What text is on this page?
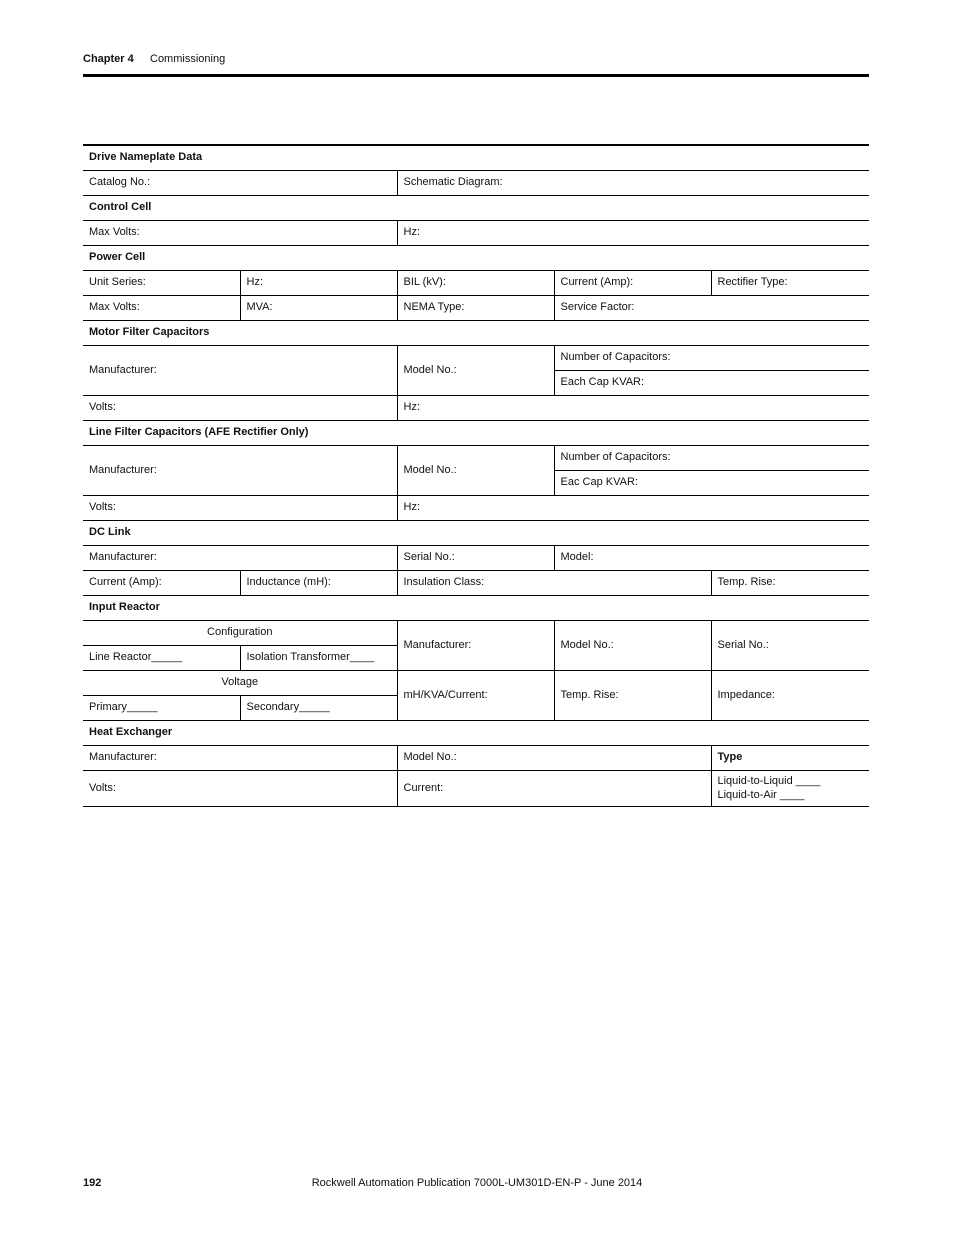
Chapter 4 Commissioning
Drive Nameplate Data				
Catalog No.:		Schematic Diagram:		
Control Cell				
Max Volts:		Hz:		
Power Cell				
Unit Series:	Hz:	BIL (kV):	Current (Amp):	Rectifier Type:
Max Volts:	MVA:	NEMA Type:	Service Factor:	
Motor Filter Capacitors				
Manufacturer:		Model No.:	Number of Capacitors:	
			Each Cap KVAR:	
Volts:		Hz:		
Line Filter Capacitors (AFE Rectifier Only)				
Manufacturer:		Model No.:	Number of Capacitors:	
			Eac Cap KVAR:	
Volts:		Hz:		
DC Link				
Manufacturer:		Serial No.:	Model:	
Current (Amp):	Inductance (mH):	Insulation Class:		Temp. Rise:
Input Reactor				
Configuration		Manufacturer:	Model No.:	Serial No.:
Line Reactor_____	Isolation Transformer____			
Voltage		mH/KVA/Current:	Temp. Rise:	Impedance:
Primary_____	Secondary_____			
Heat Exchanger				
Manufacturer:		Model No.:		Type
Volts:		Current:		Liquid-to-Liquid ____
Liquid-to-Air ____
192	Rockwell Automation Publication 7000L-UM301D-EN-P - June 2014
